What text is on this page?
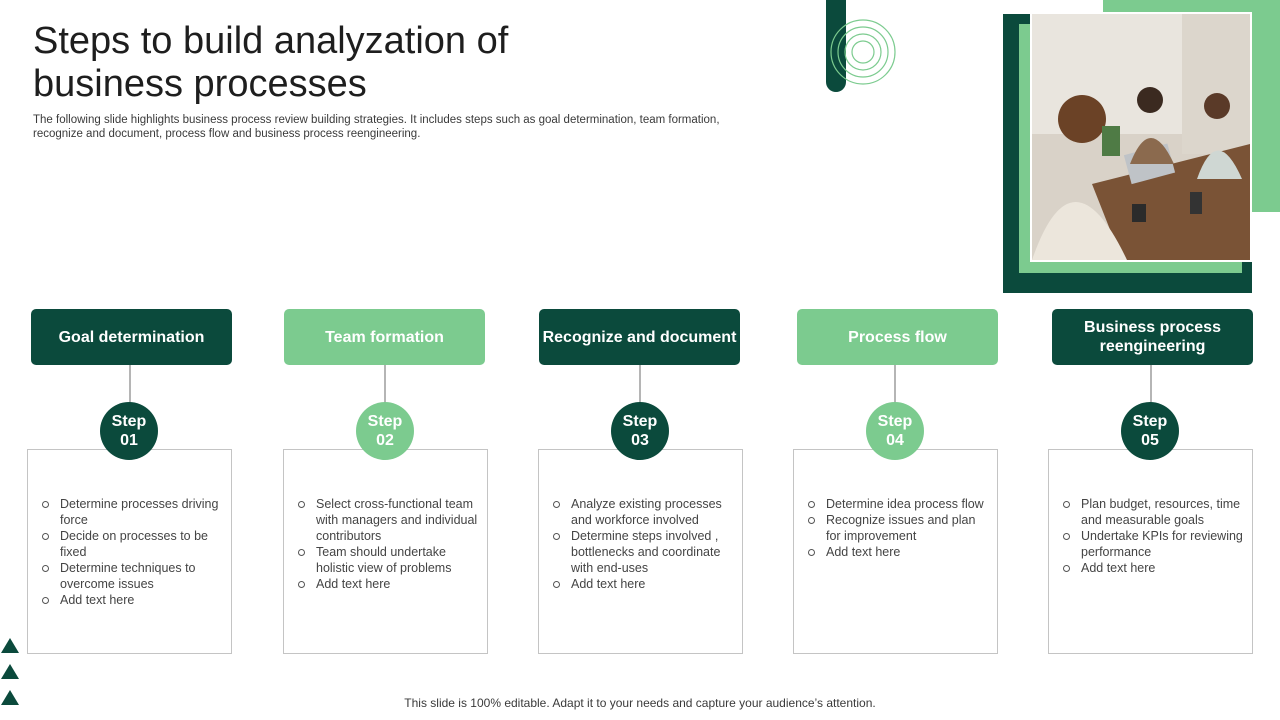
Steps to build analyzation of
business processes
The following slide highlights business process review building strategies. It includes steps such as goal determination, team formation, recognize and document, process flow and business process reengineering.
Goal determination
Determine processes driving force
Decide on processes to be fixed
Determine techniques to overcome issues
Add text here
Step
01
Team formation
Select cross-functional team with managers and individual contributors
Team should undertake holistic view of problems
Add text here
Step
02
Recognize and document
Analyze existing processes and workforce involved
Determine steps involved , bottlenecks and coordinate with end-uses
Add text here
Step
03
Process flow
Determine idea process flow
Recognize issues and plan for improvement
Add text here
Step
04
Business process reengineering
Plan budget, resources, time and measurable goals
Undertake KPIs for reviewing performance
Add text here
Step
05
This slide is 100% editable. Adapt it to your needs and capture your audience’s attention.
